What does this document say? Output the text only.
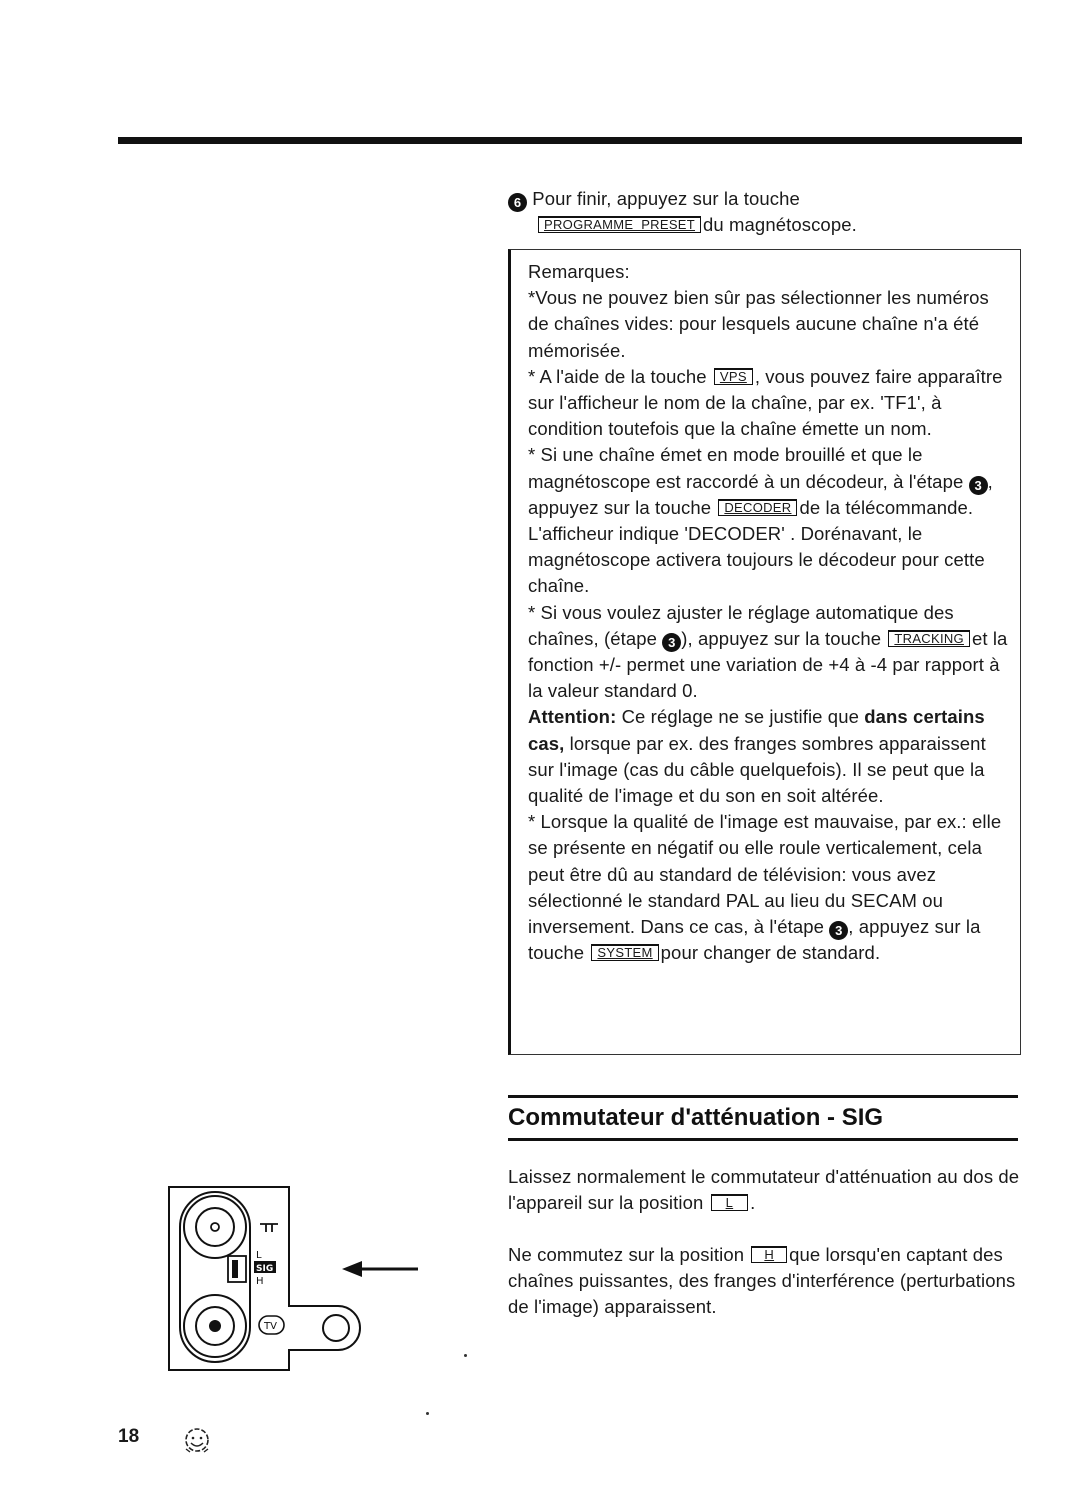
6 Pour finir, appuyez sur la touche
PROGRAMME  PRESET du magnétoscope.

Remarques:

*Vous ne pouvez bien sûr pas sélectionner les numéros de chaînes vides: pour lesquels aucune chaîne n'a été mémorisée.

* A l'aide de la touche VPS , vous pouvez faire apparaître sur l'afficheur le nom de la chaîne, par ex. 'TF1', à condition toutefois que la chaîne émette un nom.

* Si une chaîne émet en mode brouillé et que le magnétoscope est raccordé à un décodeur, à l'étape 3 , appuyez sur la touche DECODER de la télécommande. L'afficheur indique 'DECODER' . Dorénavant, le magnétoscope activera toujours le décodeur pour cette chaîne.

* Si vous voulez ajuster le réglage automatique des chaînes, (étape 3 ), appuyez sur la touche TRACKING et la fonction +/- permet une variation de +4 à -4 par rapport à la valeur standard 0.

Attention: Ce réglage ne se justifie que dans certains cas, lorsque par ex. des franges sombres apparaissent sur l'image (cas du câble quelquefois). Il se peut que la qualité de l'image et du son en soit altérée.

* Lorsque la qualité de l'image est mauvaise, par ex.: elle se présente en négatif ou elle roule verticalement, cela peut être dû au standard de télévision: vous avez sélectionné le standard PAL au lieu du SECAM ou inversement. Dans ce cas, à l'étape 3 , appuyez sur la touche SYSTEM pour changer de standard.

Commutateur d'atténuation - SIG
Laissez normalement le commutateur d'atténuation au dos de l'appareil sur la position L .
Ne commutez sur la position H que lorsqu'en captant des chaînes puissantes, des franges d'interférence (perturbations de l'image) apparaissent.
L
SIG
H
TV
18
